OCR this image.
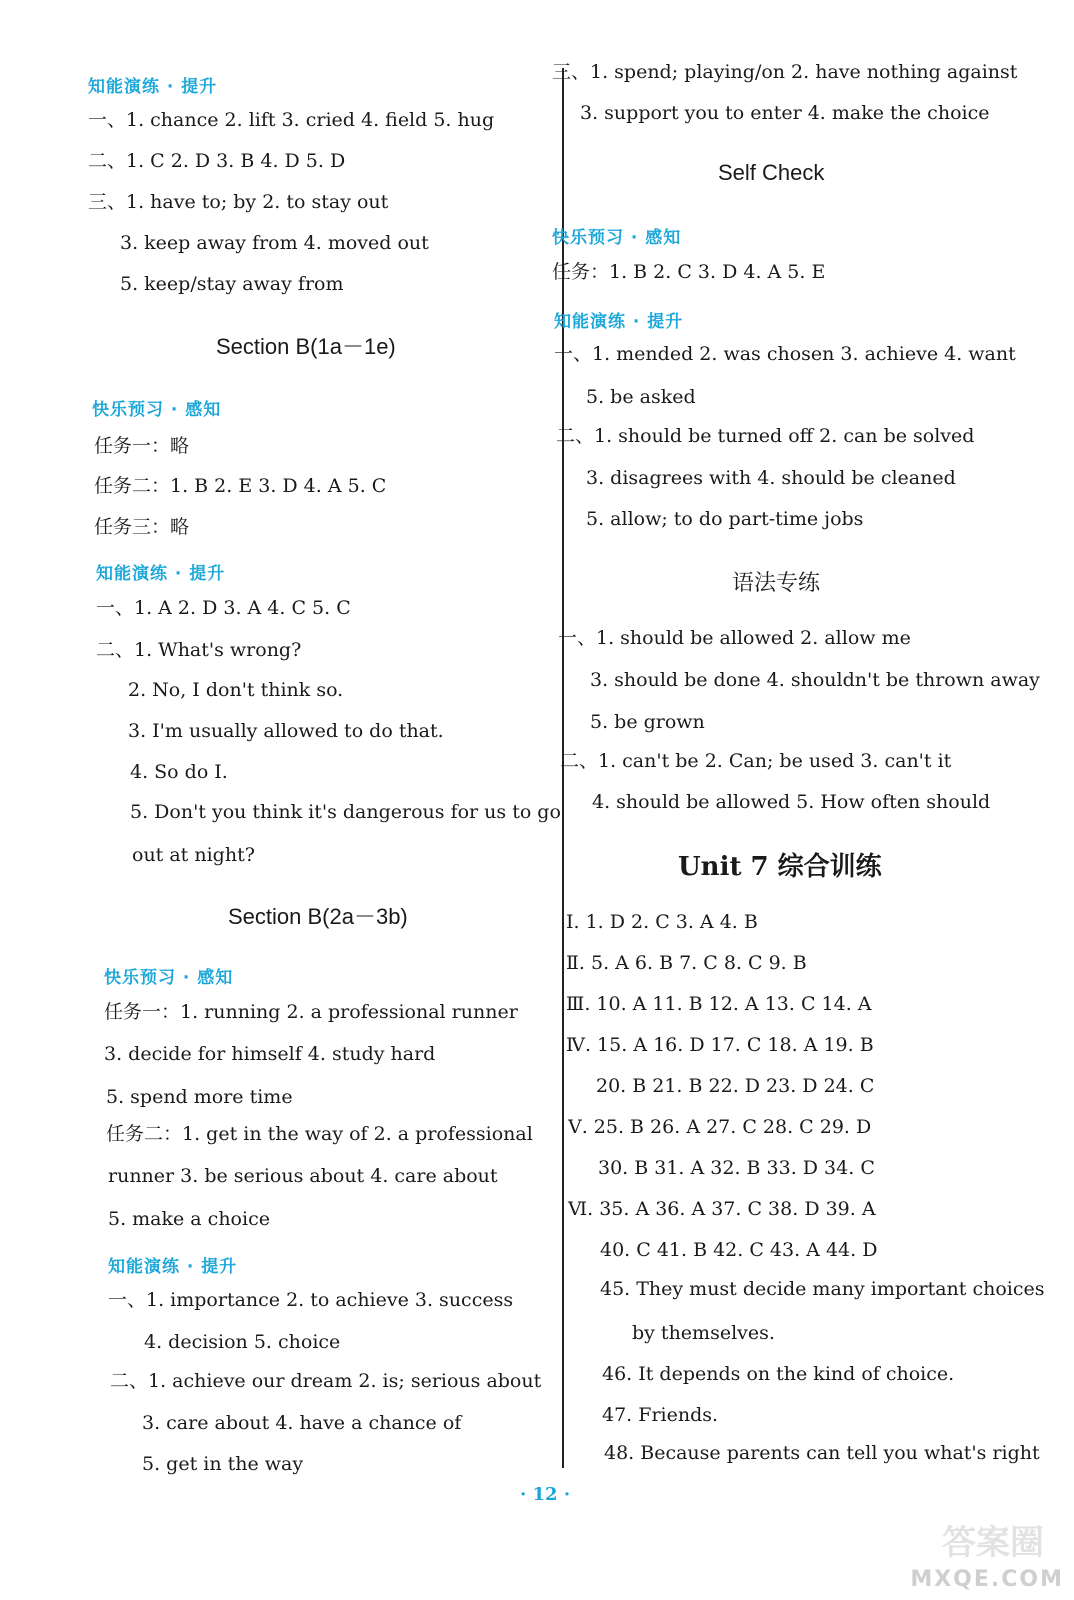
知能演练 · 提升
一、1. chance 2. lift 3. cried 4. field 5. hug
二、1. C 2. D 3. B 4. D 5. D
三、1. have to; by 2. to stay out
3. keep away from 4. moved out
5. keep/stay away from
Section B(1a－1e)
快乐预习 · 感知
任务一：略
任务二：1. B 2. E 3. D 4. A 5. C
任务三：略
知能演练 · 提升
一、1. A 2. D 3. A 4. C 5. C
二、1. What's wrong?
2. No, I don't think so.
3. I'm usually allowed to do that.
4. So do I.
5. Don't you think it's dangerous for us to go
out at night?
Section B(2a－3b)
快乐预习 · 感知
任务一：1. running 2. a professional runner
3. decide for himself 4. study hard
5. spend more time
任务二：1. get in the way of 2. a professional
runner 3. be serious about 4. care about
5. make a choice
知能演练 · 提升
一、1. importance 2. to achieve 3. success
4. decision 5. choice
二、1. achieve our dream 2. is; serious about
3. care about 4. have a chance of
5. get in the way
三、1. spend; playing/on 2. have nothing against
3. support you to enter 4. make the choice
Self Check
快乐预习 · 感知
任务：1. B 2. C 3. D 4. A 5. E
知能演练 · 提升
一、1. mended 2. was chosen 3. achieve 4. want
5. be asked
二、1. should be turned off 2. can be solved
3. disagrees with 4. should be cleaned
5. allow; to do part-time jobs
语法专练
一、1. should be allowed 2. allow me
3. should be done 4. shouldn't be thrown away
5. be grown
二、1. can't be 2. Can; be used 3. can't it
4. should be allowed 5. How often should
Unit 7 综合训练
Ⅰ. 1. D 2. C 3. A 4. B
Ⅱ. 5. A 6. B 7. C 8. C 9. B
Ⅲ. 10. A 11. B 12. A 13. C 14. A
Ⅳ. 15. A 16. D 17. C 18. A 19. B
20. B 21. B 22. D 23. D 24. C
Ⅴ. 25. B 26. A 27. C 28. C 29. D
30. B 31. A 32. B 33. D 34. C
Ⅵ. 35. A 36. A 37. C 38. D 39. A
40. C 41. B 42. C 43. A 44. D
45. They must decide many important choices
by themselves.
46. It depends on the kind of choice.
47. Friends.
48. Because parents can tell you what's right
· 12 ·
答案圈
MXQE.COM
